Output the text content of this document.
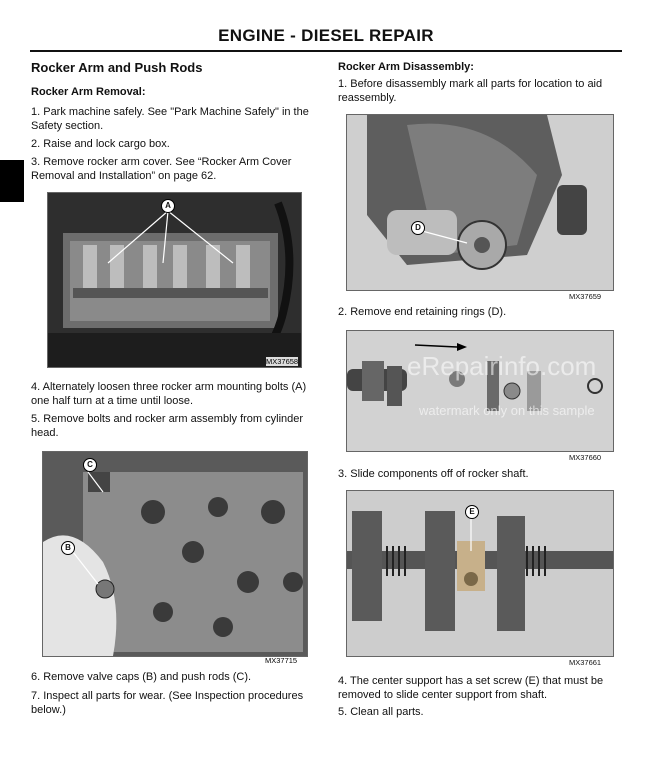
ENGINE - DIESEL REPAIR
Rocker Arm and Push Rods
Rocker Arm Removal:
1. Park machine safely. See "Park Machine Safely" in the Safety section.
2. Raise and lock cargo box.
3. Remove rocker arm cover. See “Rocker Arm Cover Removal and Installation” on page 62.
A
MX37658
4. Alternately loosen three rocker arm mounting bolts (A) one half turn at a time until loose.
5. Remove bolts and rocker arm assembly from cylinder head.
C
B
MX37715
6. Remove valve caps (B) and push rods (C).
7. Inspect all parts for wear. (See Inspection procedures below.)
Rocker Arm Disassembly:
1. Before disassembly mark all parts for location to aid reassembly.
D
MX37659
2. Remove end retaining rings (D).
eRepairinfo.com
watermark only on this sample
MX37660
3. Slide components off of rocker shaft.
E
MX37661
4. The center support has a set screw (E) that must be removed to slide center support from shaft.
5. Clean all parts.
